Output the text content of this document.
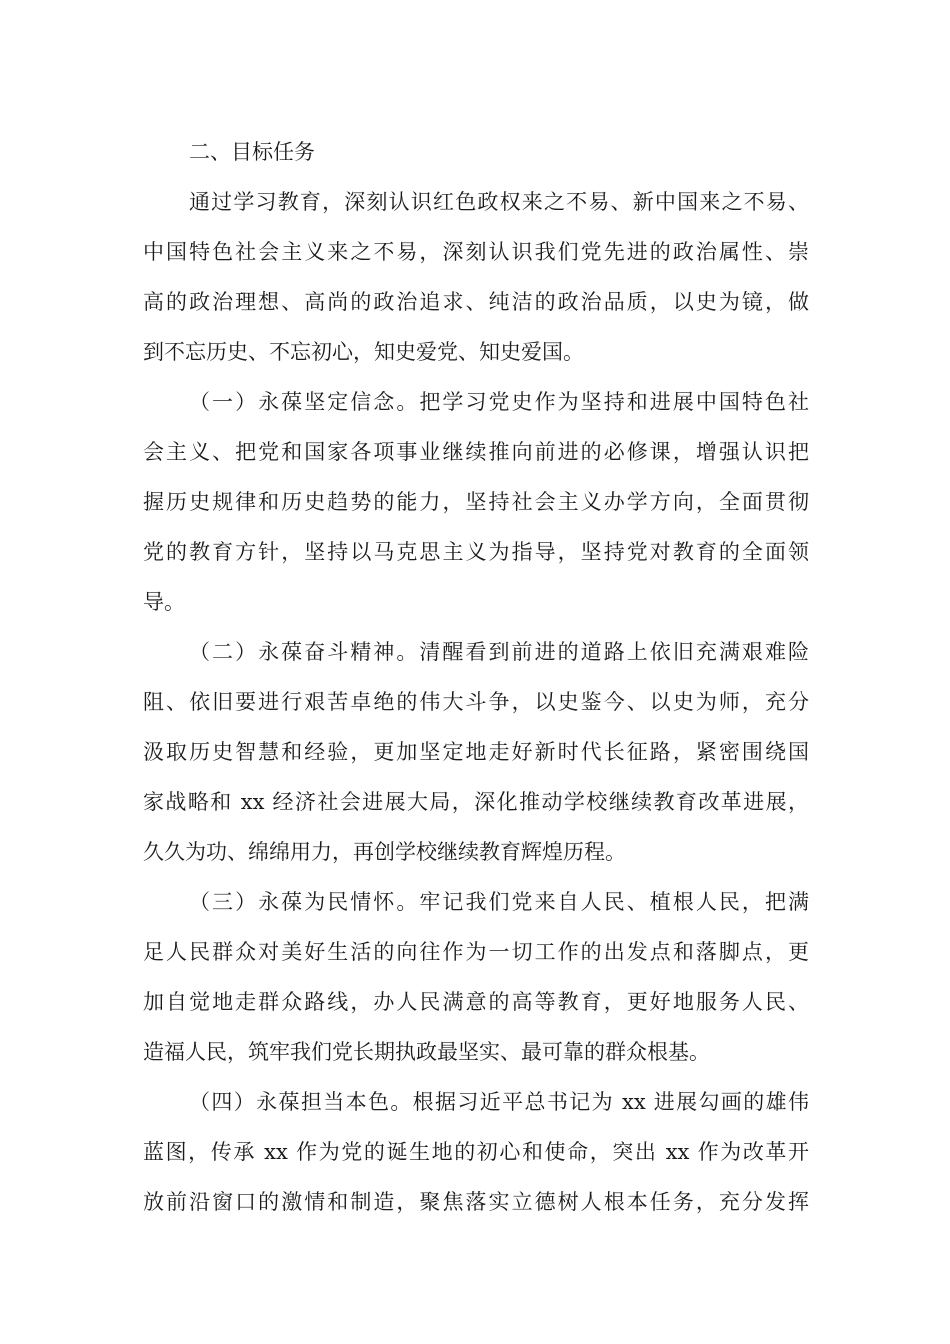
二、目标任务
通过学习教育，深刻认识红色政权来之不易、新中国来之不易、
中国特色社会主义来之不易，深刻认识我们党先进的政治属性、崇
高的政治理想、高尚的政治追求、纯洁的政治品质，以史为镜，做
到不忘历史、不忘初心，知史爱党、知史爱国。
（一）永葆坚定信念。把学习党史作为坚持和进展中国特色社
会主义、把党和国家各项事业继续推向前进的必修课，增强认识把
握历史规律和历史趋势的能力，坚持社会主义办学方向，全面贯彻
党的教育方针，坚持以马克思主义为指导，坚持党对教育的全面领
导。
（二）永葆奋斗精神。清醒看到前进的道路上依旧充满艰难险
阻、依旧要进行艰苦卓绝的伟大斗争，以史鉴今、以史为师，充分
汲取历史智慧和经验，更加坚定地走好新时代长征路，紧密围绕国
家战略和 xx 经济社会进展大局，深化推动学校继续教育改革进展，
久久为功、绵绵用力，再创学校继续教育辉煌历程。
（三）永葆为民情怀。牢记我们党来自人民、植根人民，把满
足人民群众对美好生活的向往作为一切工作的出发点和落脚点，更
加自觉地走群众路线，办人民满意的高等教育，更好地服务人民、
造福人民，筑牢我们党长期执政最坚实、最可靠的群众根基。
（四）永葆担当本色。根据习近平总书记为 xx 进展勾画的雄伟
蓝图，传承 xx 作为党的诞生地的初心和使命，突出 xx 作为改革开
放前沿窗口的激情和制造，聚焦落实立德树人根本任务，充分发挥
